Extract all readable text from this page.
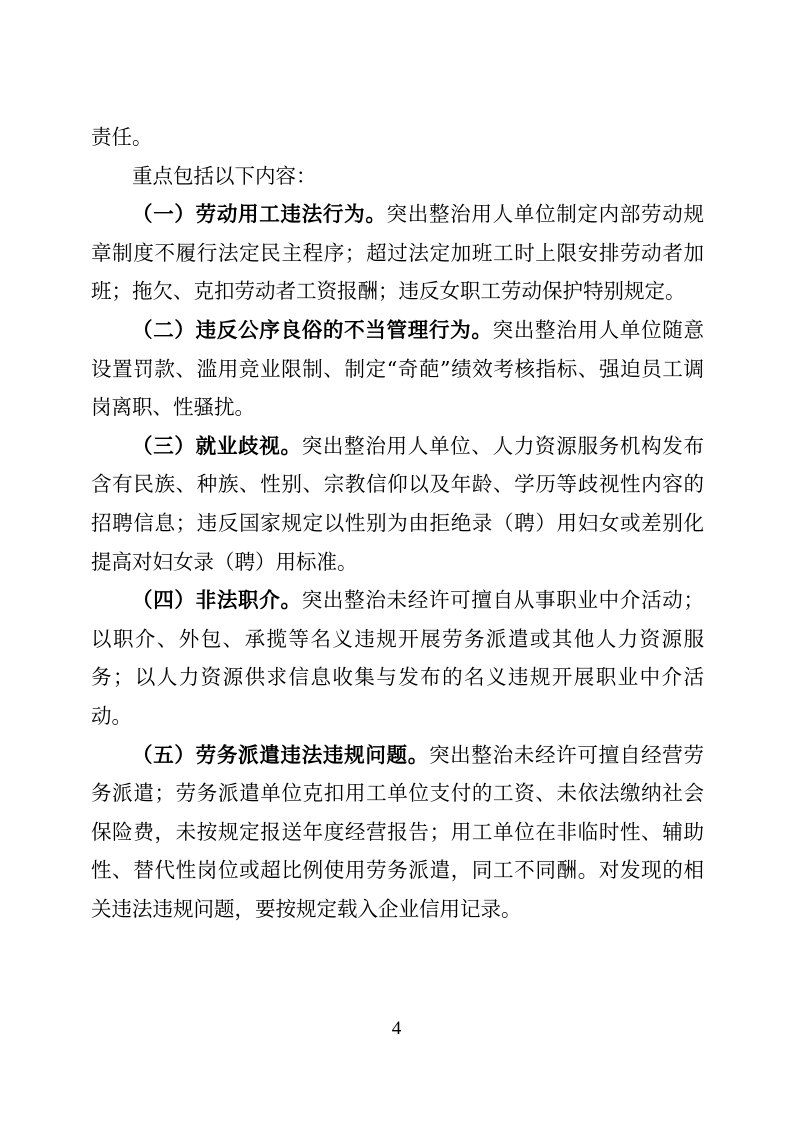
责任。

重点包括以下内容：

（一）劳动用工违法行为。突出整治用人单位制定内部劳动规章制度不履行法定民主程序；超过法定加班工时上限安排劳动者加班；拖欠、克扣劳动者工资报酬；违反女职工劳动保护特别规定。

（二）违反公序良俗的不当管理行为。突出整治用人单位随意设置罚款、滥用竞业限制、制定“奇葩”绩效考核指标、强迫员工调岗离职、性骚扰。

（三）就业歧视。突出整治用人单位、人力资源服务机构发布含有民族、种族、性别、宗教信仰以及年龄、学历等歧视性内容的招聘信息；违反国家规定以性别为由拒绝录（聘）用妇女或差别化提高对妇女录（聘）用标准。

（四）非法职介。突出整治未经许可擅自从事职业中介活动；以职介、外包、承揽等名义违规开展劳务派遣或其他人力资源服务；以人力资源供求信息收集与发布的名义违规开展职业中介活动。

（五）劳务派遣违法违规问题。突出整治未经许可擅自经营劳务派遣；劳务派遣单位克扣用工单位支付的工资、未依法缴纳社会保险费，未按规定报送年度经营报告；用工单位在非临时性、辅助性、替代性岗位或超比例使用劳务派遣，同工不同酬。对发现的相关违法违规问题，要按规定载入企业信用记录。

4
